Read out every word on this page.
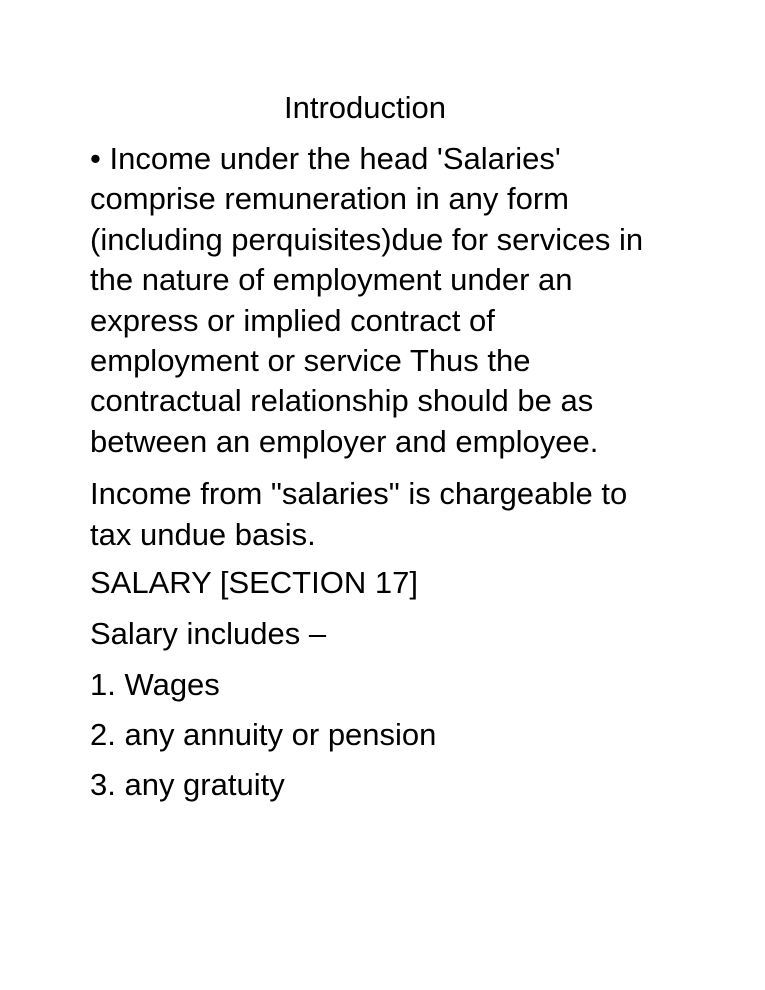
Introduction
• Income under the head 'Salaries'
comprise remuneration in any form
(including perquisites)due for services in
the nature of employment under an
express or implied contract of
employment or service Thus the
contractual relationship should be as
between an employer and employee.
Income from "salaries" is chargeable to
tax undue basis.
SALARY [SECTION 17]
Salary includes –
1. Wages
2. any annuity or pension
3. any gratuity
